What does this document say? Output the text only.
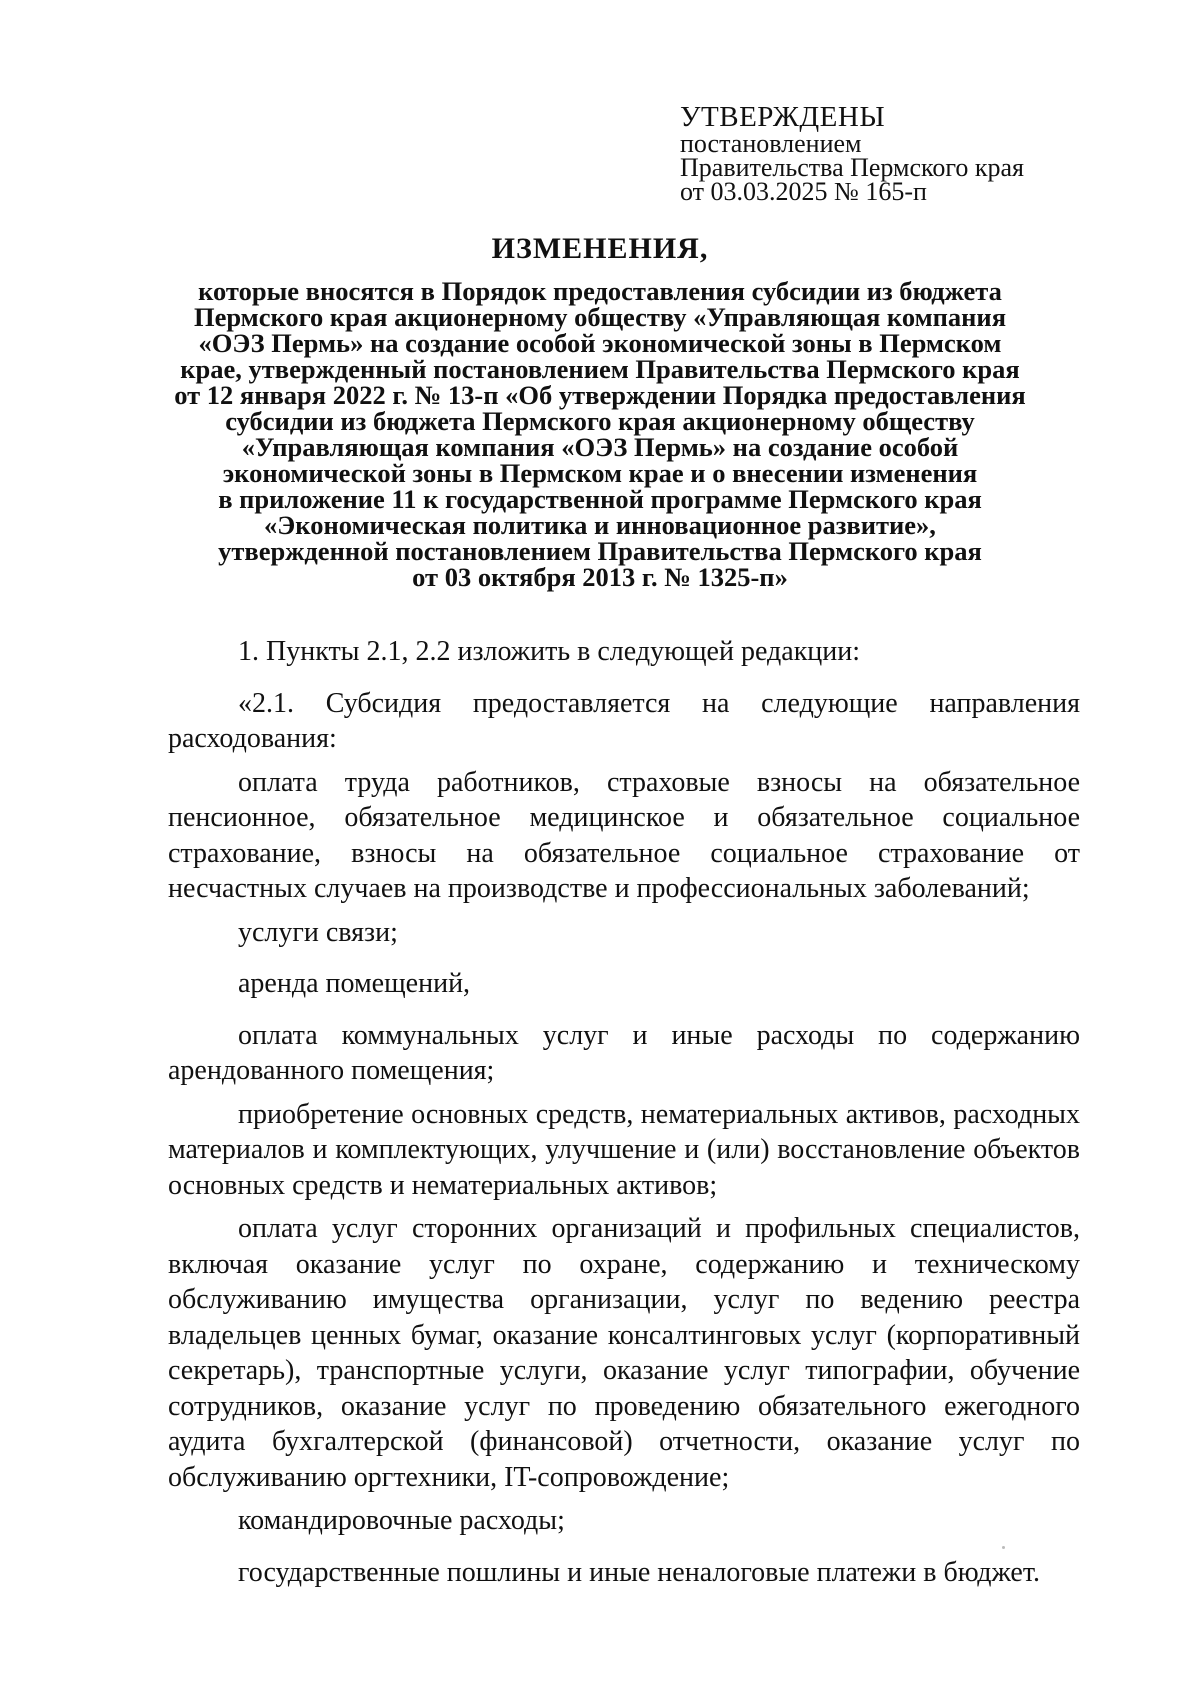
УТВЕРЖДЕНЫ
постановлением
Правительства Пермского края
от 03.03.2025 № 165-п
ИЗМЕНЕНИЯ,
которые вносятся в Порядок предоставления субсидии из бюджета
Пермского края акционерному обществу «Управляющая компания
«ОЭЗ Пермь» на создание особой экономической зоны в Пермском
крае, утвержденный постановлением Правительства Пермского края
от 12 января 2022 г. № 13-п «Об утверждении Порядка предоставления
субсидии из бюджета Пермского края акционерному обществу
«Управляющая компания «ОЭЗ Пермь» на создание особой
экономической зоны в Пермском крае и о внесении изменения
в приложение 11 к государственной программе Пермского края
«Экономическая политика и инновационное развитие»,
утвержденной постановлением Правительства Пермского края
от 03 октября 2013 г. № 1325-п»

1. Пункты 2.1, 2.2 изложить в следующей редакции:

«2.1. Субсидия предоставляется на следующие направления расходования:

оплата труда работников, страховые взносы на обязательное пенсионное, обязательное медицинское и обязательное социальное страхование, взносы на обязательное социальное страхование от несчастных случаев на производстве и профессиональных заболеваний;

услуги связи;

аренда помещений,

оплата коммунальных услуг и иные расходы по содержанию арендованного помещения;

приобретение основных средств, нематериальных активов, расходных материалов и комплектующих, улучшение и (или) восстановление объектов основных средств и нематериальных активов;

оплата услуг сторонних организаций и профильных специалистов, включая оказание услуг по охране, содержанию и техническому обслуживанию имущества организации, услуг по ведению реестра владельцев ценных бумаг, оказание консалтинговых услуг (корпоративный секретарь), транспортные услуги, оказание услуг типографии, обучение сотрудников, оказание услуг по проведению обязательного ежегодного аудита бухгалтерской (финансовой) отчетности, оказание услуг по обслуживанию оргтехники, IT-сопровождение;

командировочные расходы;

государственные пошлины и иные неналоговые платежи в бюджет.
